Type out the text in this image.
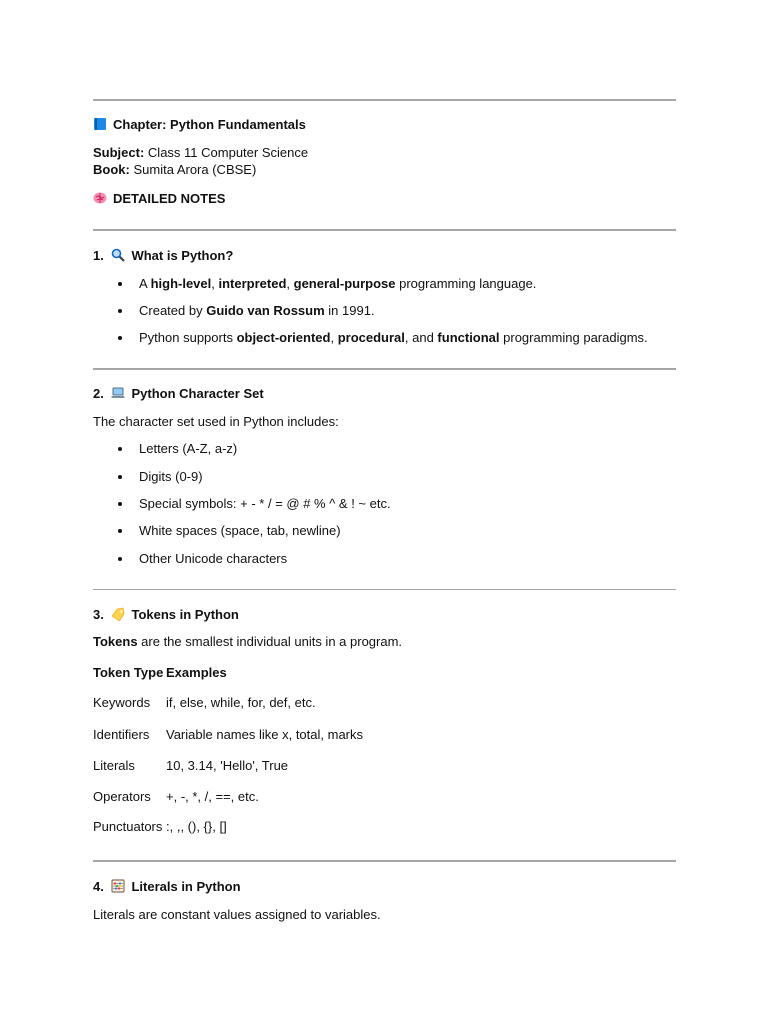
Chapter: Python Fundamentals
Subject: Class 11 Computer Science
Book: Sumita Arora (CBSE)
DETAILED NOTES
1. What is Python?
A high-level, interpreted, general-purpose programming language.
Created by Guido van Rossum in 1991.
Python supports object-oriented, procedural, and functional programming paradigms.
2. Python Character Set
The character set used in Python includes:
Letters (A-Z, a-z)
Digits (0-9)
Special symbols: + - * / = @ # % ^ & ! ~ etc.
White spaces (space, tab, newline)
Other Unicode characters
3. Tokens in Python
Tokens are the smallest individual units in a program.
Token Type Examples
Keywords if, else, while, for, def, etc.
Identifiers Variable names like x, total, marks
Literals 10, 3.14, 'Hello', True
Operators +, -, *, /, ==, etc.
Punctuators :, ,, (), {}, []
4. Literals in Python
Literals are constant values assigned to variables.
